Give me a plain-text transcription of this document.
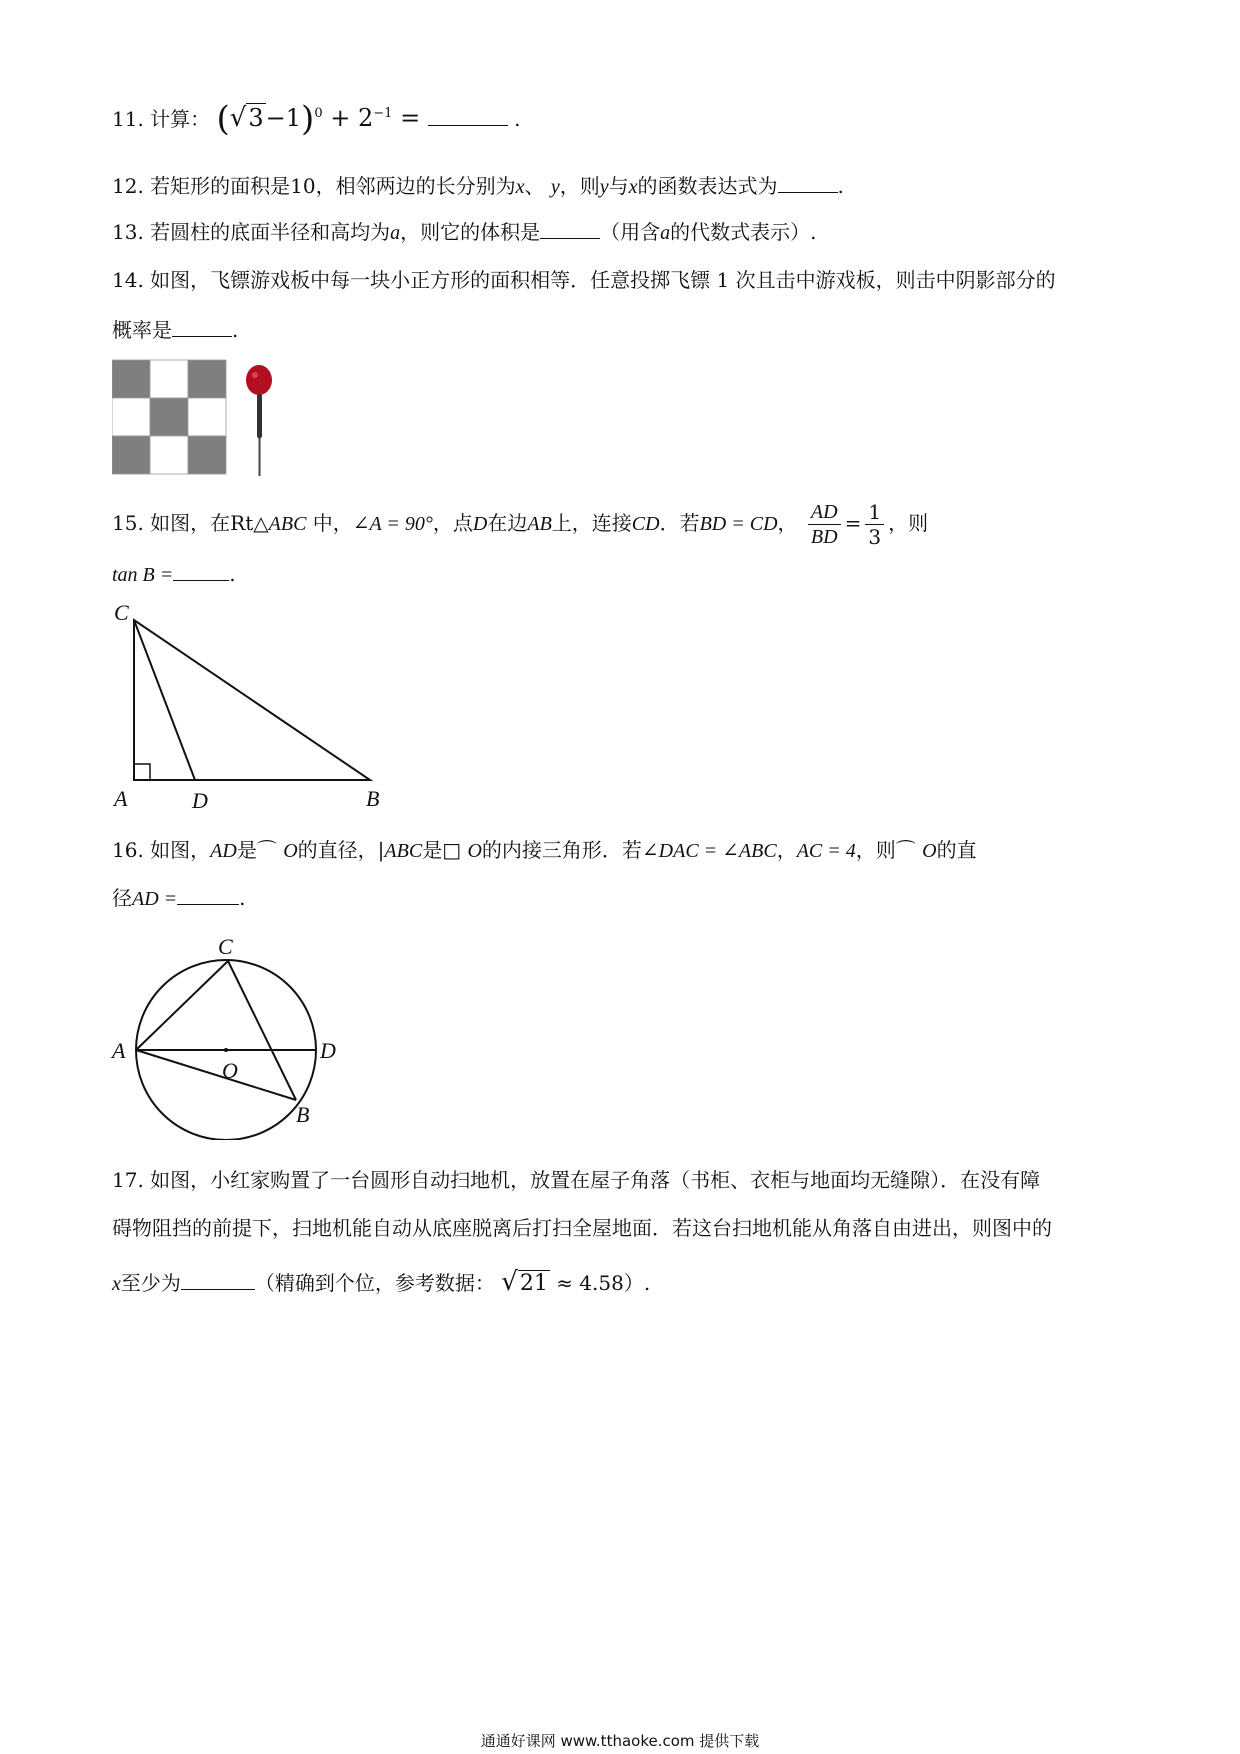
11. 计算： $(√3-1)^0 + 2^{-1}$ =	.
12. 若矩形的面积是10，相邻两边的长分别为x、 y，则y与x的函数表达式为	.
13. 若圆柱的底面半径和高均为a，则它的体积是	（用含a的代数式表示）.
14. 如图，飞镖游戏板中每一块小正方形的面积相等．任意投掷飞镖 1 次且击中游戏板，则击中阴影部分的
概率是	.
15. 如图，在Rt△ABC 中，∠A = 90°，点D在边AB上，连接CD．若BD = CD， $\frac{AD}{BD} = \frac{1}{3}$ ，则
tan B =	.
C
A	D	B
16. 如图，AD是⌒ O的直径，|ABC是□ O的内接三角形．若∠DAC = ∠ABC，AC = 4，则⌒ O的直
径AD =	.
C
A	D
O
B
17. 如图，小红家购置了一台圆形自动扫地机，放置在屋子角落（书柜、衣柜与地面均无缝隙）．在没有障
碍物阻挡的前提下，扫地机能自动从底座脱离后打扫全屋地面．若这台扫地机能从角落自由进出，则图中的
x至少为	（精确到个位，参考数据： √21 ≈ 4.58）.
通通好课网 www.tthaoke.com 提供下载
